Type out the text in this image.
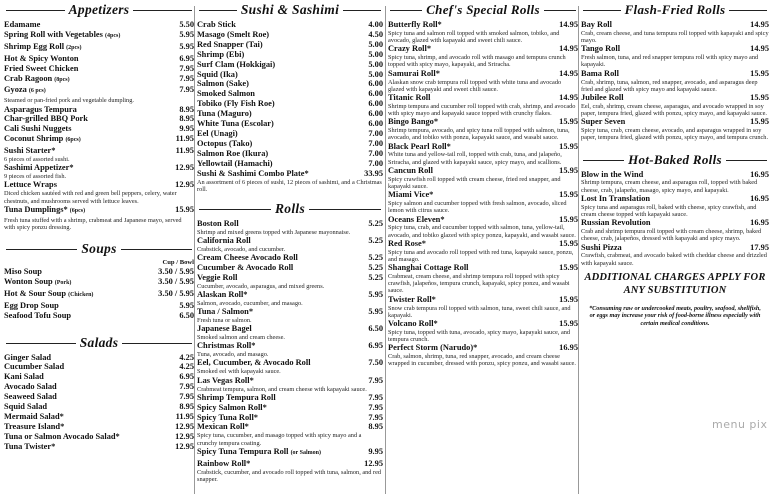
Appetizers
Edamame	5.50
Spring Roll with Vegetables (4pcs)	5.95
Shrimp Egg Roll (2pcs)	5.95
Hot & Spicy Wonton	6.95
Fried Sweet Chicken	7.95
Crab Ragoon (8pcs)	7.95
Gyoza (6 pcs)	7.95
Steamed or pan-fried pork and vegetable dumpling.
Asparagus Tempura	8.95
Char-grilled BBQ Pork	8.95
Cali Sushi Nuggets	9.95
Coconut Shrimp (6pcs)	11.95
Sushi Starter*	11.95
6 pieces of assorted sushi.
Sashimi Appetizer*	12.95
9 pieces of assorted fish.
Lettuce Wraps	12.95
Diced chicken sautéed with red and green bell peppers, celery, water chestnuts, and mushrooms served with lettuce leaves.
Tuna Dumplings* (6pcs)	15.95
Fresh tuna stuffed with a shrimp, crabmeat and Japanese mayo, served with spicy ponzu dressing.
Soups
Cup / Bowl
Miso Soup	3.50 / 5.95
Wonton Soup (Pork)	3.50 / 5.95
Hot & Sour Soup (Chicken)	3.50 / 5.95
Egg Drop Soup	5.95
Seafood Tofu Soup	6.50
Salads
Ginger Salad	4.25
Cucumber Salad	4.25
Kani Salad	6.95
Avocado Salad	7.95
Seaweed Salad	7.95
Squid Salad	8.95
Mermaid Salad*	11.95
Treasure Island*	12.95
Tuna or Salmon Avocado Salad*	12.95
Tuna Twister*	12.95
Sushi & Sashimi
Crab Stick	4.00
Masago (Smelt Roe)	4.50
Red Snapper (Tai)	5.00
Shrimp (Ebi)	5.00
Surf Clam (Hokkigai)	5.00
Squid (Ika)	5.00
Salmon (Sake)	6.00
Smoked Salmon	6.00
Tobiko (Fly Fish Roe)	6.00
Tuna (Maguro)	6.00
White Tuna (Escolar)	6.00
Eel (Unagi)	7.00
Octopus (Tako)	7.00
Salmon Roe (Ikura)	7.00
Yellowtail (Hamachi)	7.00
Sushi & Sashimi Combo Plate*	33.95
An assortment of 6 pieces of sushi, 12 pieces of sashimi, and a Christmas roll.
Rolls
Boston Roll	5.25
Shrimp and mixed greens topped with Japanese mayonnaise.
California Roll	5.25
Crabstick, avocado, and cucumber.
Cream Cheese Avocado Roll	5.25
Cucumber & Avocado Roll	5.25
Veggie Roll	5.25
Cucumber, avocado, asparagus, and mixed greens.
Alaskan Roll*	5.95
Salmon, avocado, cucumber, and masago.
Tuna / Salmon*	5.95
Fresh tuna or salmon.
Japanese Bagel	6.50
Smoked salmon and cream cheese.
Christmas Roll*	6.95
Tuna, avocado, and masago.
Eel, Cucumber, & Avocado Roll	7.50
Smoked eel with kapayaki sauce.
Las Vegas Roll*	7.95
Crabmeat tempura, salmon, and cream cheese with kapayaki sauce.
Shrimp Tempura Roll	7.95
Spicy Salmon Roll*	7.95
Spicy Tuna Roll*	7.95
Mexican Roll*	8.95
Spicy tuna, cucumber, and masago topped with spicy mayo and a crunchy tempura coating.
Spicy Tuna Tempura Roll (or Salmon)	9.95
Rainbow Roll*	12.95
Crabstick, cucumber, and avocado roll topped with tuna, salmon, and red snapper.
Chef's Special Rolls
Butterfly Roll*	14.95
Spicy tuna and salmon roll topped with smoked salmon, tobiko, and avocado, glazed with kapayaki and sweet chili sauce.
Crazy Roll*	14.95
Spicy tuna, shrimp, and avocado roll with masago and tempura crunch topped with spicy mayo, kapayaki, and Sriracha.
Samurai Roll*	14.95
Alaskan snow crab tempura roll topped with white tuna and avocado glazed with kapayaki and sweet chili sauce.
Titanic Roll	14.95
Shrimp tempura and cucumber roll topped with crab, shrimp, and avocado with spicy mayo and kapayaki sauce topped with crunchy flakes.
Bingo Bango*	15.95
Shrimp tempura, avocado, and spicy tuna roll topped with salmon, tuna, avocado, and tobiko with ponzu, kapayaki sauce, and wasabi sauce.
Black Pearl Roll*	15.95
White tuna and yellow-tail roll, topped with crab, tuna, and jalapeño, Sriracha, and glazed with kapayaki sauce, spicy mayo, and scallions.
Cancun Roll	15.95
Spicy crawfish roll topped with cream cheese, fried red snapper, and kapayaki sauce.
Miami Vice*	15.95
Spicy salmon and cucumber topped with fresh salmon, avocado, sliced lemon with citrus sauce.
Oceans Eleven*	15.95
Spicy tuna, crab, and cucumber topped with salmon, tuna, yellow-tail, avocado, and tobiko glazed with spicy ponzu, kapayaki, and wasabi sauce.
Red Rose*	15.95
Spicy tuna and avocado roll topped with red tuna, kapayaki sauce, ponzu, and masago.
Shanghai Cottage Roll	15.95
Crabmeat, cream cheese, and shrimp tempura roll topped with spicy crawfish, jalapeños, tempura crunch, kapayaki, spicy ponzu, and wasabi sauce.
Twister Roll*	15.95
Snow crab tempura roll topped with salmon, tuna, sweet chili sauce, and kapayaki.
Volcano Roll*	15.95
Spicy tuna, topped with tuna, avocado, spicy mayo, kapayaki sauce, and tempura crunch.
Perfect Storm (Narudo)*	16.95
Crab, salmon, shrimp, tuna, red snapper, avocado, and cream cheese wrapped in cucumber, dressed with ponzu, spicy ponzu, and wasabi sauce.
Flash-Fried Rolls
Bay Roll	14.95
Crab, cream cheese, and tuna tempura roll topped with kapayaki and spicy mayo.
Tango Roll	14.95
Fresh salmon, tuna, and red snapper tempura roll with spicy mayo and kapayaki.
Bama Roll	15.95
Crab, shrimp, tuna, salmon, red snapper, avocado, and asparagus deep fried and glazed with spicy mayo and kapayaki sauce.
Jubilee Roll	15.95
Eel, crab, shrimp, cream cheese, asparagus, and avocado wrapped in soy paper, tempura fried, glazed with ponzu, spicy mayo, and kapayaki sauce.
Super Seven	15.95
Spicy tuna, crab, cream cheese, avocado, and asparagus wrapped in soy paper, tempura fried, glazed with ponzu, spicy mayo, and tempura crunch.
Hot-Baked Rolls
Blow in the Wind	16.95
Shrimp tempura, cream cheese, and asparagus roll, topped with baked cheese, crab, jalapeño, masago, spicy mayo, and kapayaki.
Lost In Translation	16.95
Spicy tuna and asparagus roll, baked with cheese, spicy crawfish, and cream cheese topped with kapayaki sauce.
Russian Revolution	16.95
Crab and shrimp tempura roll topped with cream cheese, shrimp, baked cheese, crab, jalapeños, dressed with kapayaki and spicy mayo.
Sushi Pizza	17.95
Crawfish, crabmeat, and avocado baked with cheddar cheese and drizzled with kapayaki sauce.
ADDITIONAL CHARGES APPLY FOR ANY SUBSTITUTION
*Consuming raw or undercooked meats, poultry, seafood, shellfish, or eggs may increase your risk of food-borne illness especially with certain medical conditions.
menu pix
